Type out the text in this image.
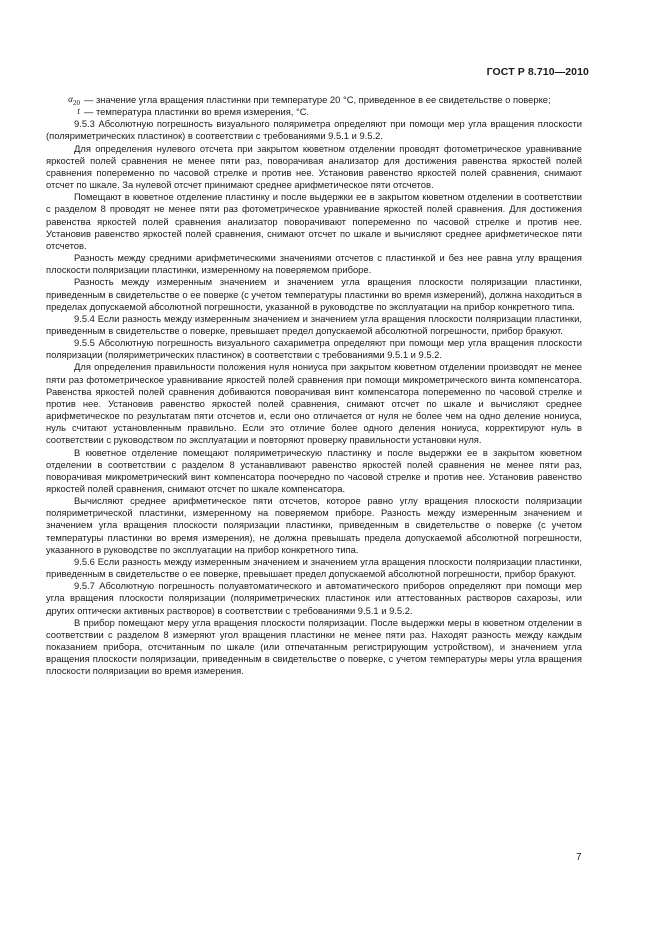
ГОСТ Р 8.710—2010
$\alpha_{20}$ — значение угла вращения пластинки при температуре 20 °С, приведенное в ее свидетельстве о поверке;
t — температура пластинки во время измерения, °С.

9.5.3 Абсолютную погрешность визуального поляриметра определяют при помощи мер угла вращения плоскости (поляриметрических пластинок) в соответствии с требованиями 9.5.1 и 9.5.2.

Для определения нулевого отсчета при закрытом кюветном отделении проводят фотометрическое уравнивание яркостей полей сравнения не менее пяти раз, поворачивая анализатор для достижения равенства яркостей полей сравнения попеременно по часовой стрелке и против нее. Установив равенство яркостей полей сравнения, снимают отсчет по шкале. За нулевой отсчет принимают среднее арифметическое пяти отсчетов.

Помещают в кюветное отделение пластинку и после выдержки ее в закрытом кюветном отделении в соответствии с разделом 8 проводят не менее пяти раз фотометрическое уравнивание яркостей полей сравнения. Для достижения равенства яркостей полей сравнения анализатор поворачивают попеременно по часовой стрелке и против нее. Установив равенство яркостей полей сравнения, снимают отсчет по шкале и вычисляют среднее арифметическое пяти отсчетов.

Разность между средними арифметическими значениями отсчетов с пластинкой и без нее равна углу вращения плоскости поляризации пластинки, измеренному на поверяемом приборе.

Разность между измеренным значением и значением угла вращения плоскости поляризации пластинки, приведенным в свидетельстве о ее поверке (с учетом температуры пластинки во время измерений), должна находиться в пределах допускаемой абсолютной погрешности, указанной в руководстве по эксплуатации на прибор конкретного типа.

9.5.4 Если разность между измеренным значением и значением угла вращения плоскости поляризации пластинки, приведенным в свидетельстве о поверке, превышает предел допускаемой абсолютной погрешности, прибор бракуют.

9.5.5 Абсолютную погрешность визуального сахариметра определяют при помощи мер угла вращения плоскости поляризации (поляриметрических пластинок) в соответствии с требованиями 9.5.1 и 9.5.2.

Для определения правильности положения нуля нониуса при закрытом кюветном отделении производят не менее пяти раз фотометрическое уравнивание яркостей полей сравнения при помощи микрометрического винта компенсатора. Равенства яркостей полей сравнения добиваются поворачивая винт компенсатора попеременно по часовой стрелке и против нее. Установив равенство яркостей полей сравнения, снимают отсчет по шкале и вычисляют среднее арифметическое по результатам пяти отсчетов и, если оно отличается от нуля не более чем на одно деление нониуса, нуль считают установленным правильно. Если это отличие более одного деления нониуса, корректируют нуль в соответствии с руководством по эксплуатации и повторяют проверку правильности установки нуля.

В кюветное отделение помещают поляриметрическую пластинку и после выдержки ее в закрытом кюветном отделении в соответствии с разделом 8 устанавливают равенство яркостей полей сравнения не менее пяти раз, поворачивая микрометрический винт компенсатора поочередно по часовой стрелке и против нее. Установив равенство яркостей полей сравнения, снимают отсчет по шкале компенсатора.

Вычисляют среднее арифметическое пяти отсчетов, которое равно углу вращения плоскости поляризации поляриметрической пластинки, измеренному на поверяемом приборе. Разность между измеренным значением и значением угла вращения плоскости поляризации пластинки, приведенным в свидетельстве о поверке (с учетом температуры пластинки во время измерения), не должна превышать предела допускаемой абсолютной погрешности, указанного в руководстве по эксплуатации на прибор конкретного типа.

9.5.6 Если разность между измеренным значением и значением угла вращения плоскости поляризации пластинки, приведенным в свидетельстве о ее поверке, превышает предел допускаемой абсолютной погрешности, прибор бракуют.

9.5.7 Абсолютную погрешность полуавтоматического и автоматического приборов определяют при помощи мер угла вращения плоскости поляризации (поляриметрических пластинок или аттестованных растворов сахарозы, или других оптически активных растворов) в соответствии с требованиями 9.5.1 и 9.5.2.

В прибор помещают меру угла вращения плоскости поляризации. После выдержки меры в кюветном отделении в соответствии с разделом 8 измеряют угол вращения пластинки не менее пяти раз. Находят разность между каждым показанием прибора, отсчитанным по шкале (или отпечатанным регистрирующим устройством), и значением угла вращения плоскости поляризации, приведенным в свидетельстве о поверке, с учетом температуры меры угла вращения плоскости поляризации во время измерения.

7
